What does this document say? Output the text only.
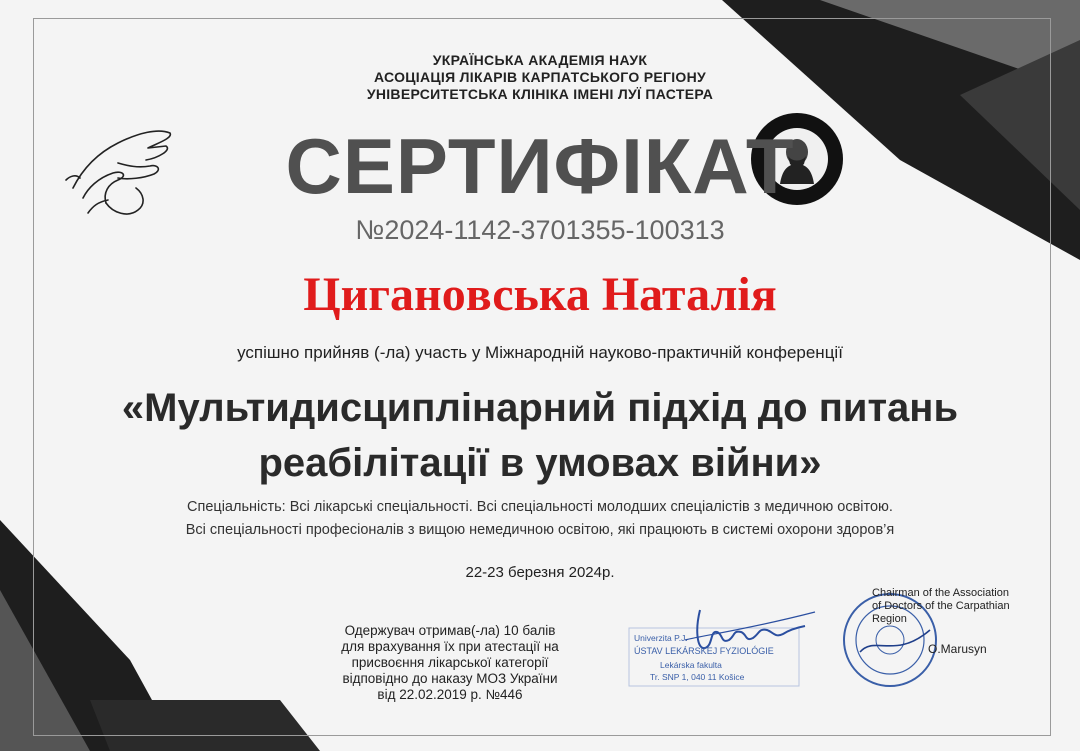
УКРАЇНСЬКА АКАДЕМІЯ НАУК
АСОЦІАЦІЯ ЛІКАРІВ КАРПАТСЬКОГО РЕГІОНУ
УНІВЕРСИТЕТСЬКА КЛІНІКА ІМЕНІ ЛУЇ ПАСТЕРА
СЕРТИФІКАТ
№2024-1142-3701355-100313
Циганoвська Наталія
успішно прийняв (-ла) участь у Міжнародній науково-практичній конференції
«Мультидисциплінарний підхід до питань
реабілітації в умовах війни»
Спеціальність: Всі лікарські спеціальності. Всі спеціальності молодших спеціалістів з медичною освітою.
Всі спеціальності професіоналів з вищою немедичною освітою, які працюють в системі охорони здоров’я
22-23 березня 2024р.
Одержувач отримав(-ла) 10 балів
для врахування їх при атестації на
присвоєння лікарської категорії
відповідно до наказу МОЗ України
від 22.02.2019 р. №446
Univerzita P.J.
ÚSTAV LEKÁRSKEJ FYZIOLÓGIE
Lekárska fakulta
Tr. SNP 1, 040 11 Košice
Chairman of the Association
of Doctors of the Carpathian
Region
O.Marusyn
